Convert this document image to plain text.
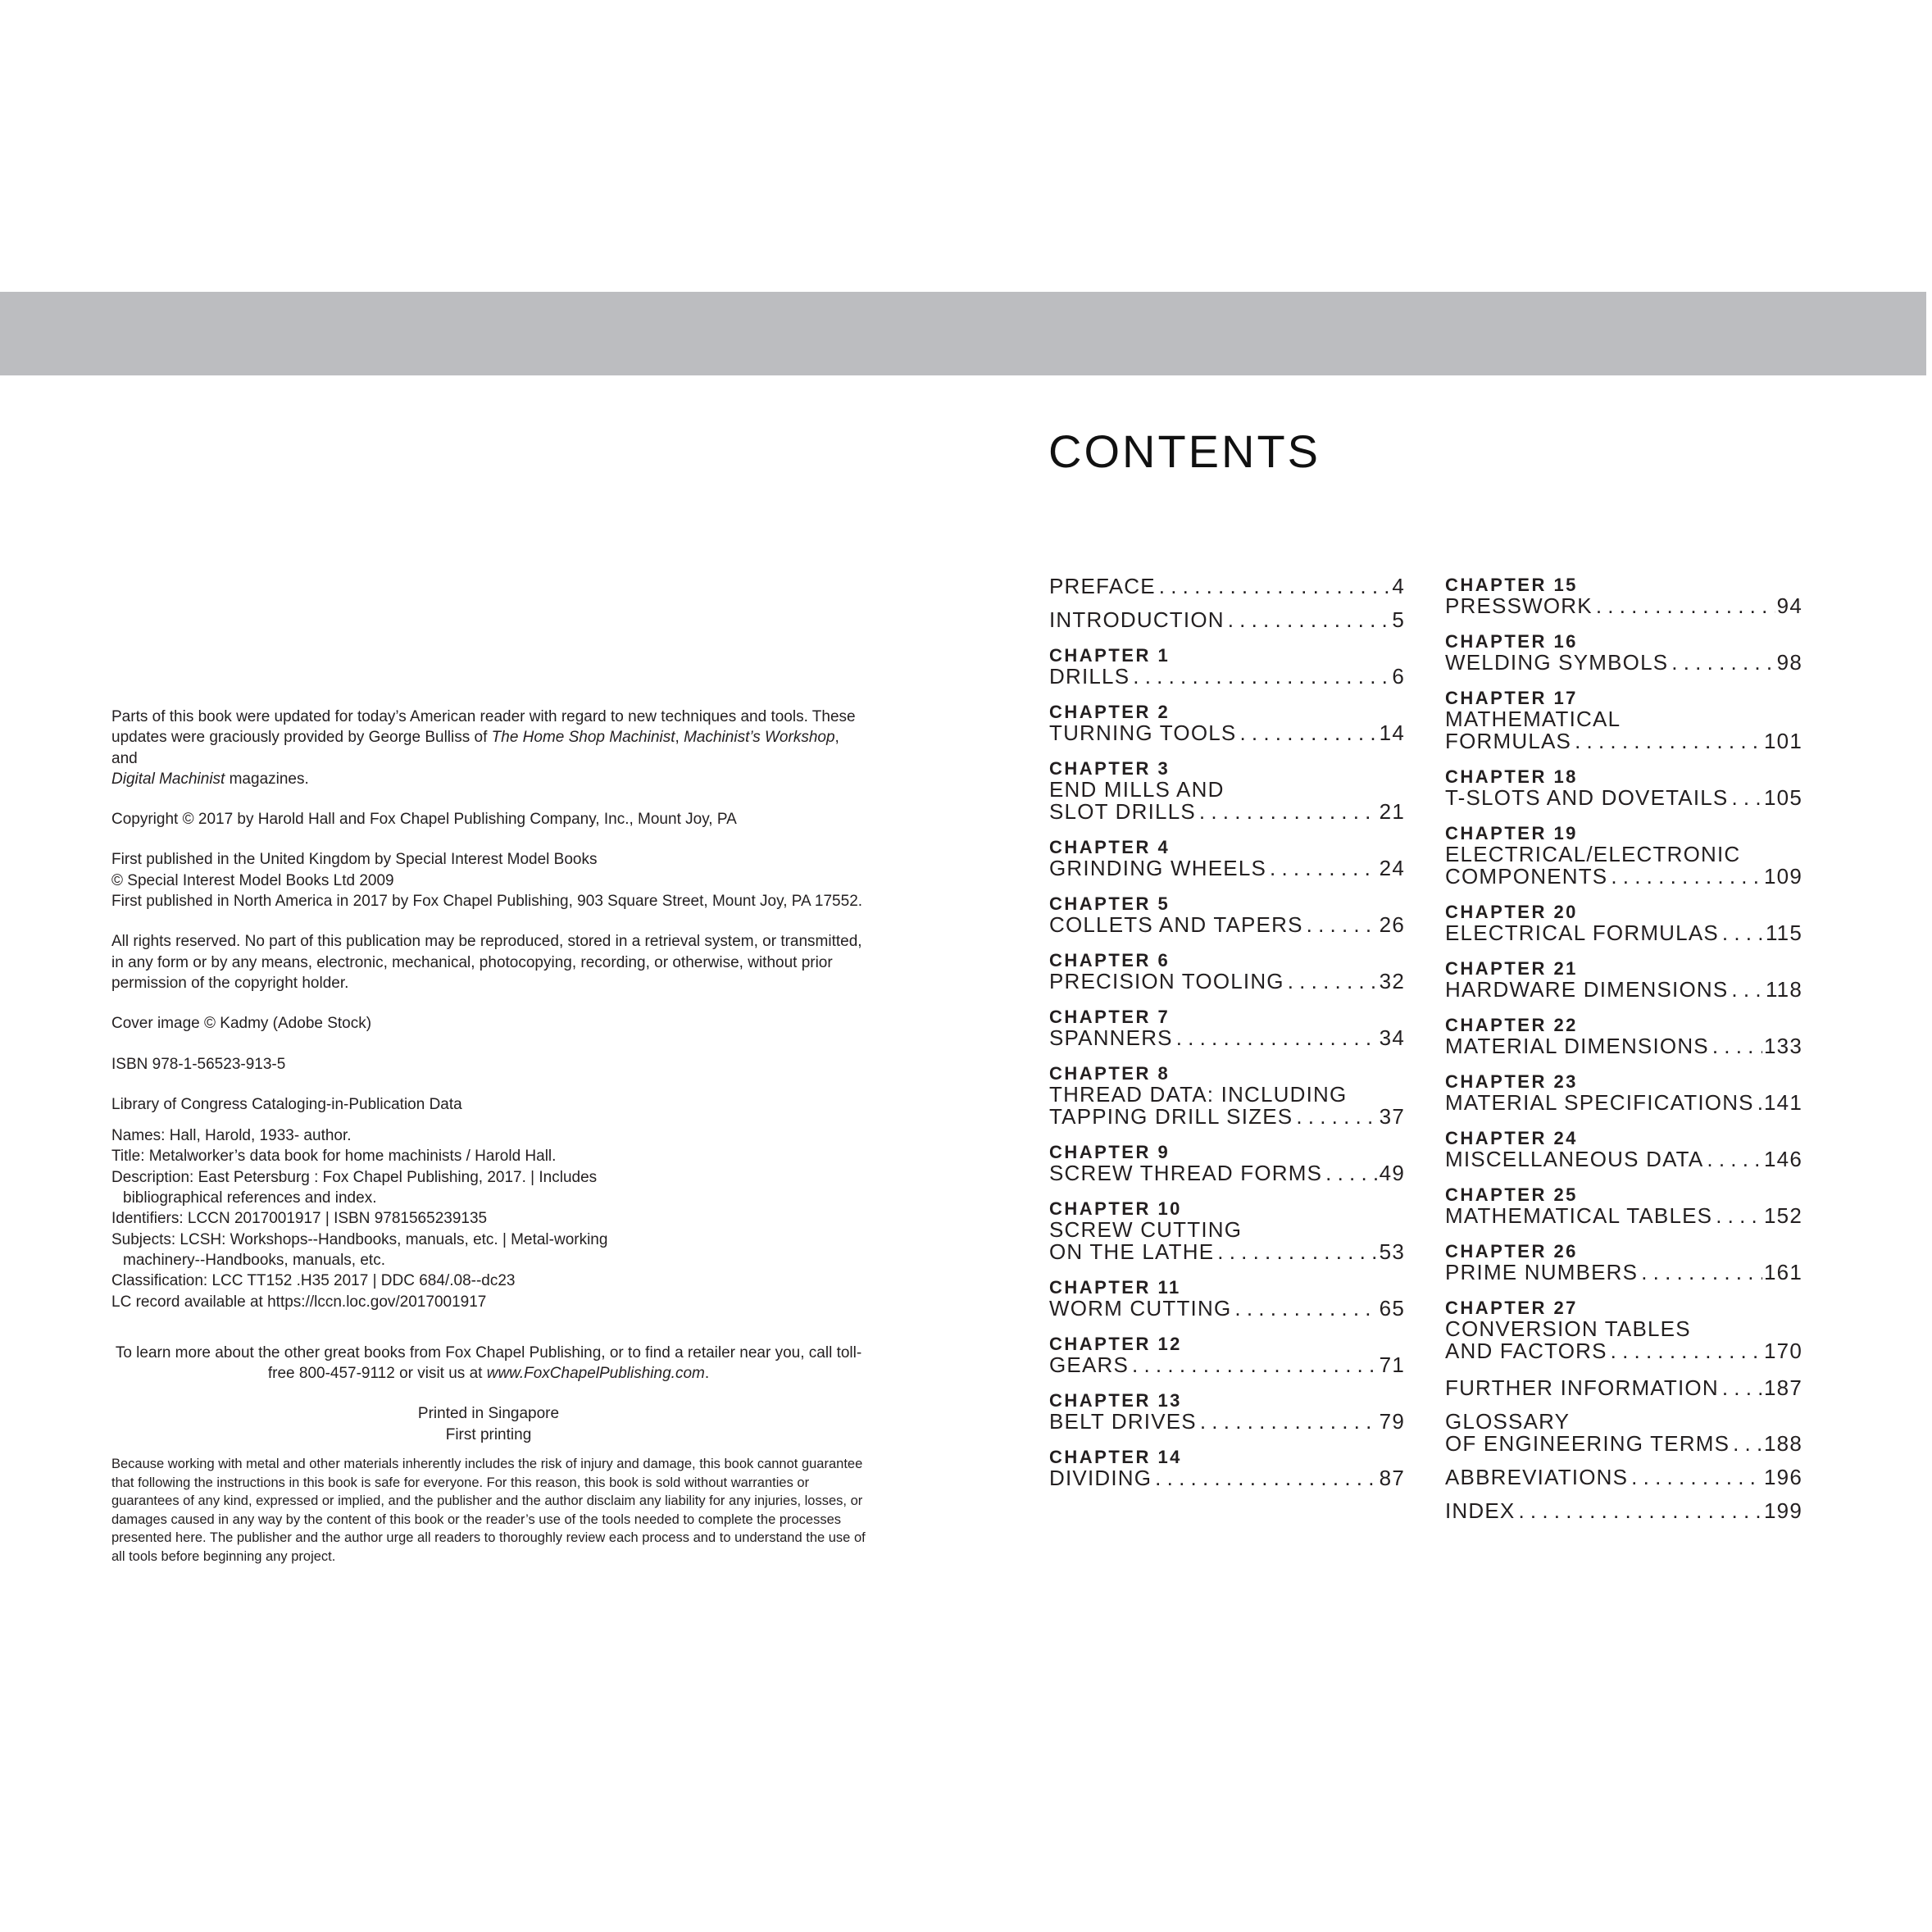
Parts of this book were updated for today’s American reader with regard to new techniques and tools. These

updates were graciously provided by George Bulliss of The Home Shop Machinist, Machinist’s Workshop, and

Digital Machinist magazines.

Copyright © 2017 by Harold Hall and Fox Chapel Publishing Company, Inc., Mount Joy, PA

First published in the United Kingdom by Special Interest Model Books

© Special Interest Model Books Ltd 2009

First published in North America in 2017 by Fox Chapel Publishing, 903 Square Street, Mount Joy, PA 17552.

All rights reserved. No part of this publication may be reproduced, stored in a retrieval system, or transmitted,

in any form or by any means, electronic, mechanical, photocopying, recording, or otherwise, without prior

permission of the copyright holder.

Cover image © Kadmy (Adobe Stock)

ISBN 978-1-56523-913-5

Library of Congress Cataloging-in-Publication Data

Names: Hall, Harold, 1933- author.

Title: Metalworker’s data book for home machinists / Harold Hall.

Description: East Petersburg : Fox Chapel Publishing, 2017. | Includes

bibliographical references and index.

Identifiers: LCCN 2017001917 | ISBN 9781565239135

Subjects: LCSH: Workshops--Handbooks, manuals, etc. | Metal-working

machinery--Handbooks, manuals, etc.

Classification: LCC TT152 .H35 2017 | DDC 684/.08--dc23

LC record available at https://lccn.loc.gov/2017001917

To learn more about the other great books from Fox Chapel Publishing, or to find a retailer near you, call toll-

free 800-457-9112 or visit us at www.FoxChapelPublishing.com.

Printed in Singapore

First printing

Because working with metal and other materials inherently includes the risk of injury and damage, this book cannot guarantee

that following the instructions in this book is safe for everyone. For this reason, this book is sold without warranties or

guarantees of any kind, expressed or implied, and the publisher and the author disclaim any liability for any injuries, losses, or

damages caused in any way by the content of this book or the reader’s use of the tools needed to complete the processes

presented here. The publisher and the author urge all readers to thoroughly review each process and to understand the use of

all tools before beginning any project.

CONTENTS
PREFACE . . .	4
INTRODUCTION . . .	5
CHAPTER 1
DRILLS . . .	6
CHAPTER 2
TURNING TOOLS . . .	14
CHAPTER 3
END MILLS AND
SLOT DRILLS . . .	21
CHAPTER 4
GRINDING WHEELS . . .	24
CHAPTER 5
COLLETS AND TAPERS . . .	26
CHAPTER 6
PRECISION TOOLING . . .	32
CHAPTER 7
SPANNERS . . .	34
CHAPTER 8
THREAD DATA: INCLUDING
TAPPING DRILL SIZES . . .	37
CHAPTER 9
SCREW THREAD FORMS . . .	49
CHAPTER 10
SCREW CUTTING
ON THE LATHE . . .	53
CHAPTER 11
WORM CUTTING . . .	65
CHAPTER 12
GEARS . . .	71
CHAPTER 13
BELT DRIVES . . .	79
CHAPTER 14
DIVIDING . . .	87
CHAPTER 15
PRESSWORK . . .	94
CHAPTER 16
WELDING SYMBOLS . . .	98
CHAPTER 17
MATHEMATICAL
FORMULAS . . .	101
CHAPTER 18
T-SLOTS AND DOVETAILS . . . 105
CHAPTER 19
ELECTRICAL/ELECTRONIC
COMPONENTS . . .	109
CHAPTER 20
ELECTRICAL FORMULAS . . . 115
CHAPTER 21
HARDWARE DIMENSIONS . . . 118
CHAPTER 22
MATERIAL DIMENSIONS . . .	133
CHAPTER 23
MATERIAL SPECIFICATIONS . . . 141
CHAPTER 24
MISCELLANEOUS DATA . . .	146
CHAPTER 25
MATHEMATICAL TABLES . . . 152
CHAPTER 26
PRIME NUMBERS . . .	161
CHAPTER 27
CONVERSION TABLES
AND FACTORS . . .	170
FURTHER INFORMATION . . . 187
GLOSSARY
OF ENGINEERING TERMS . . . 188
ABBREVIATIONS . . .	196
INDEX . . .	199
